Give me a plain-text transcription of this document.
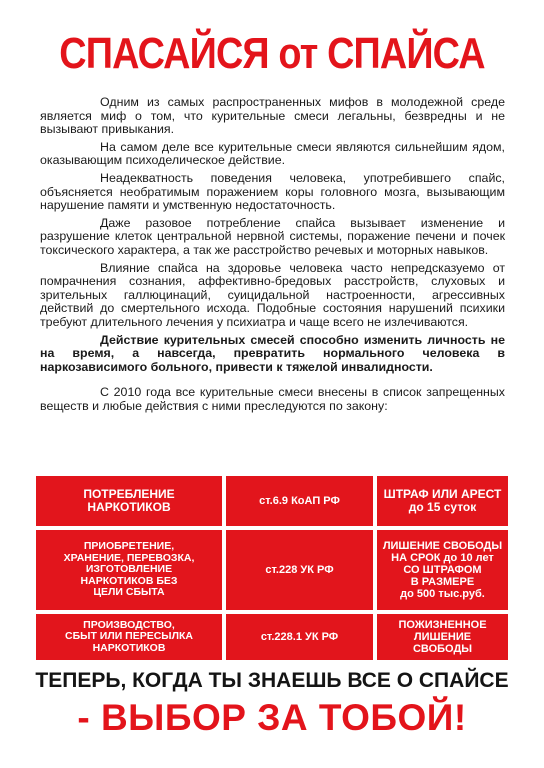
СПАСАЙСЯ от СПАЙСА

Одним из самых распространенных мифов в молодежной среде является миф о том, что курительные смеси легальны, безвредны и не вызывают привыкания.

На самом деле все курительные смеси являются сильнейшим ядом, оказывающим психоделическое действие.

Неадекватность поведения человека, употребившего спайс, объясняется необратимым поражением коры головного мозга, вызывающим нарушение памяти и умственную недостаточность.

Даже разовое потребление спайса вызывает изменение и разрушение клеток центральной нервной системы, поражение печени и почек токсического характера, а так же расстройство речевых и моторных навыков.

Влияние спайса на здоровье человека часто непредсказуемо от помрачнения сознания, аффективно-бредовых расстройств, слуховых и зрительных галлюцинаций, суицидальной настроенности, агрессивных действий до смертельного исхода. Подобные состояния нарушений психики требуют длительного лечения у психиатра и чаще всего не излечиваются.

Действие курительных смесей способно изменить личность не на время, а навсегда, превратить нормального человека в наркозависимого больного, привести к тяжелой инвалидности.

С 2010 года все курительные смеси внесены в список запрещенных веществ и любые действия с ними преследуются по закону:

ПОТРЕБЛЕНИЕ
НАРКОТИКОВ	ст.6.9 КоАП РФ	ШТРАФ ИЛИ АРЕСТ
до 15 суток
ПРИОБРЕТЕНИЕ,
ХРАНЕНИЕ, ПЕРЕВОЗКА,
ИЗГОТОВЛЕНИЕ
НАРКОТИКОВ БЕЗ
ЦЕЛИ СБЫТА
ст.228 УК РФ
ЛИШЕНИЕ СВОБОДЫ
НА СРОК до 10 лет
СО ШТРАФОМ
В РАЗМЕРЕ
до 500 тыс.руб.
ПРОИЗВОДСТВО,
СБЫТ ИЛИ ПЕРЕСЫЛКА
НАРКОТИКОВ
ст.228.1 УК РФ
ПОЖИЗНЕННОЕ
ЛИШЕНИЕ
СВОБОДЫ
ТЕПЕРЬ, КОГДА ТЫ ЗНАЕШЬ ВСЕ О СПАЙСЕ
- ВЫБОР ЗА ТОБОЙ!
